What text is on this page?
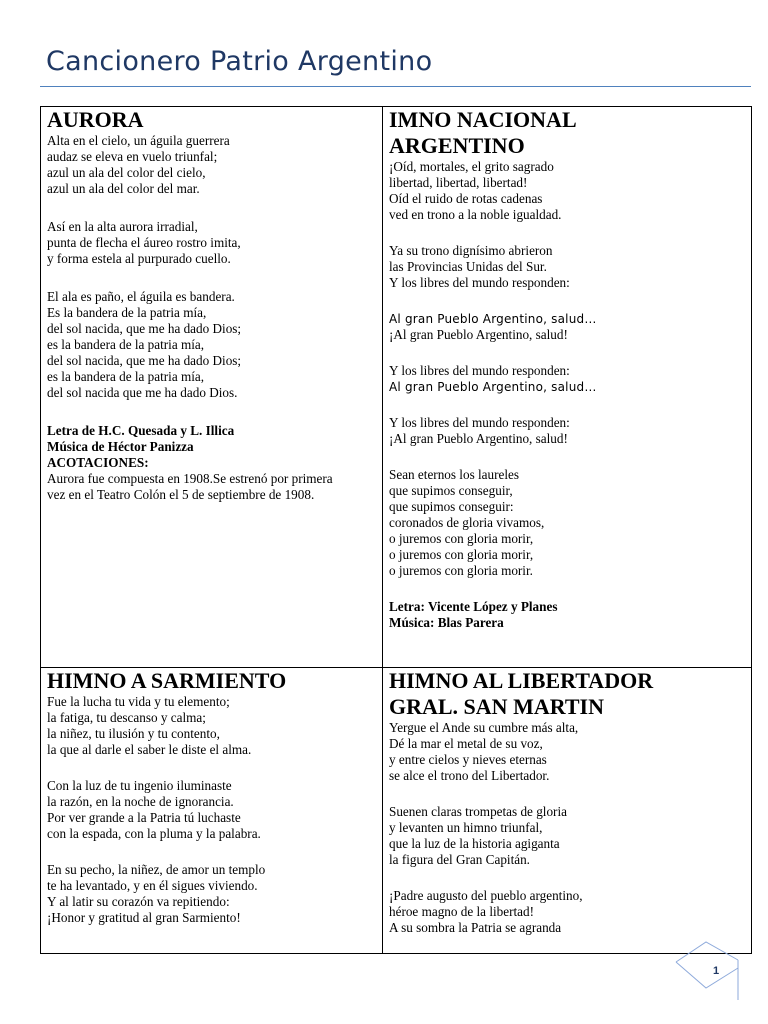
Cancionero Patrio Argentino
AURORA
Alta en el cielo, un águila guerrera
audaz se eleva en vuelo triunfal;
azul un ala del color del cielo,
azul un ala del color del mar.
Así en la alta aurora irradial,
punta de flecha el áureo rostro imita,
y forma estela al purpurado cuello.
El ala es paño, el águila es bandera.
Es la bandera de la patria mía,
del sol nacida, que me ha dado Dios;
es la bandera de la patria mía,
del sol nacida, que me ha dado Dios;
es la bandera de la patria mía,
del sol nacida que me ha dado Dios.
Letra de H.C. Quesada y L. Illica
Música de Héctor Panizza
ACOTACIONES:
Aurora fue compuesta en 1908.Se estrenó por primera
vez en el Teatro Colón el 5 de septiembre de 1908.
IMNO NACIONAL
ARGENTINO
¡Oíd, mortales, el grito sagrado
libertad, libertad, libertad!
Oíd el ruido de rotas cadenas
ved en trono a la noble igualdad.
Ya su trono dignísimo abrieron
las Provincias Unidas del Sur.
Y los libres del mundo responden:
Al gran Pueblo Argentino, salud…
¡Al gran Pueblo Argentino, salud!
Y los libres del mundo responden:
Al gran Pueblo Argentino, salud…
Y los libres del mundo responden:
¡Al gran Pueblo Argentino, salud!
Sean eternos los laureles
que supimos conseguir,
que supimos conseguir:
coronados de gloria vivamos,
o juremos con gloria morir,
o juremos con gloria morir,
o juremos con gloria morir.
Letra: Vicente López y Planes
Música: Blas Parera
HIMNO A SARMIENTO
Fue la lucha tu vida y tu elemento;
la fatiga, tu descanso y calma;
la niñez, tu ilusión y tu contento,
la que al darle el saber le diste el alma.
Con la luz de tu ingenio iluminaste
la razón, en la noche de ignorancia.
Por ver grande a la Patria tú luchaste
con la espada, con la pluma y la palabra.
En su pecho, la niñez, de amor un templo
te ha levantado, y en él sigues viviendo.
Y al latir su corazón va repitiendo:
¡Honor y gratitud al gran Sarmiento!
HIMNO AL LIBERTADOR
GRAL. SAN MARTIN
Yergue el Ande su cumbre más alta,
Dé la mar el metal de su voz,
y entre cielos y nieves eternas
se alce el trono del Libertador.
Suenen claras trompetas de gloria
y levanten un himno triunfal,
que la luz de la historia agiganta
la figura del Gran Capitán.
¡Padre augusto del pueblo argentino,
héroe magno de la libertad!
A su sombra la Patria se agranda
1
